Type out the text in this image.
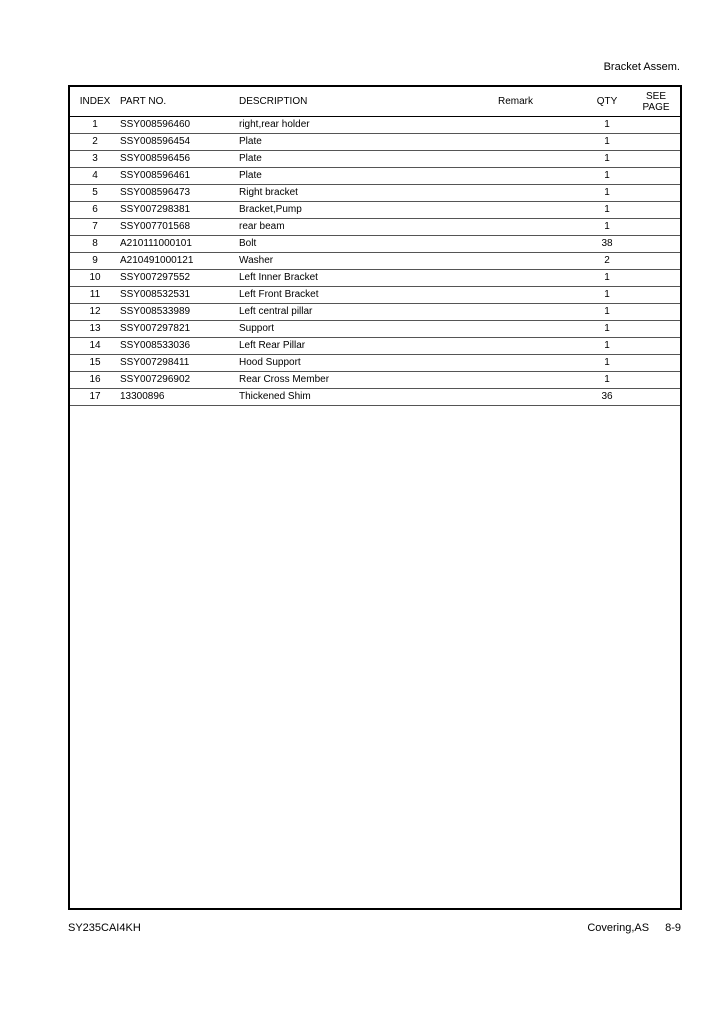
Bracket Assem.
INDEX	PART NO.	DESCRIPTION	Remark	QTY	SEE
PAGE

1	SSY008596460	right,rear holder		1	
2	SSY008596454	Plate		1	
3	SSY008596456	Plate		1	
4	SSY008596461	Plate		1	
5	SSY008596473	Right bracket		1	
6	SSY007298381	Bracket,Pump		1	
7	SSY007701568	rear beam		1	
8	A210111000101	Bolt		38	
9	A210491000121	Washer		2	
10	SSY007297552	Left Inner Bracket		1	
11	SSY008532531	Left Front Bracket		1	
12	SSY008533989	Left central pillar		1	
13	SSY007297821	Support		1	
14	SSY008533036	Left Rear Pillar		1	
15	SSY007298411	Hood Support		1	
16	SSY007296902	Rear Cross Member		1	
17	13300896	Thickened Shim		36	
SY235CAI4KH	Covering,AS 8-9
